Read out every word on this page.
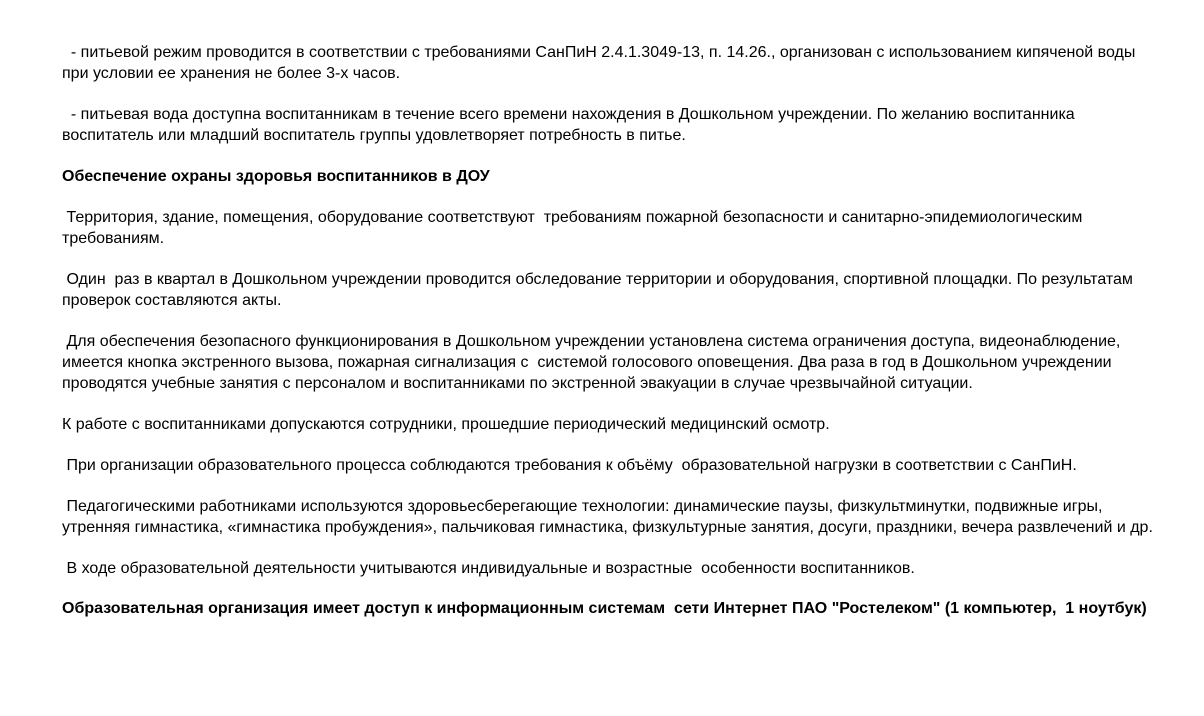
- питьевой режим проводится в соответствии с требованиями СанПиН 2.4.1.3049-13, п. 14.26., организован с использованием кипяченой воды при условии ее хранения не более 3-х часов.

- питьевая вода доступна воспитанникам в течение всего времени нахождения в Дошкольном учреждении. По желанию воспитанника воспитатель или младший воспитатель группы удовлетворяет потребность в питье.

Обеспечение охраны здоровья воспитанников в ДОУ

Территория, здание, помещения, оборудование соответствуют  требованиям пожарной безопасности и санитарно-эпидемиологическим  требованиям.

Один  раз в квартал в Дошкольном учреждении проводится обследование территории и оборудования, спортивной площадки. По результатам проверок составляются акты.

Для обеспечения безопасного функционирования в Дошкольном учреждении установлена система ограничения доступа, видеонаблюдение, имеется кнопка экстренного вызова, пожарная сигнализация с  системой голосового оповещения. Два раза в год в Дошкольном учреждении проводятся учебные занятия с персоналом и воспитанниками по экстренной эвакуации в случае чрезвычайной ситуации.

К работе с воспитанниками допускаются сотрудники, прошедшие периодический медицинский осмотр.

При организации образовательного процесса соблюдаются требования к объёму  образовательной нагрузки в соответствии с СанПиН.

Педагогическими работниками используются здоровьесберегающие технологии: динамические паузы, физкультминутки, подвижные игры, утренняя гимнастика, «гимнастика пробуждения», пальчиковая гимнастика, физкультурные занятия, досуги, праздники, вечера развлечений и др.

В ходе образовательной деятельности учитываются индивидуальные и возрастные  особенности воспитанников.

Образовательная организация имеет доступ к информационным системам  сети Интернет ПАО "Ростелеком" (1 компьютер,  1 ноутбук)
